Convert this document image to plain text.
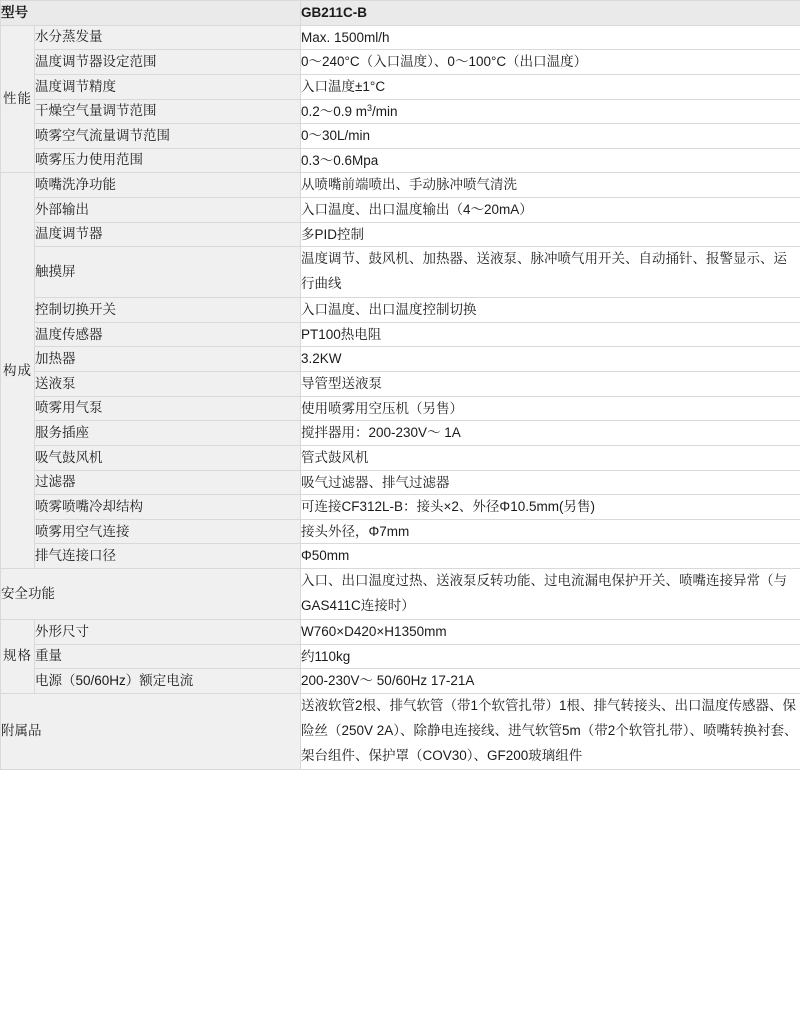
型号		GB211C-B

性能	水分蒸发量	Max. 1500ml/h
	温度调节器设定范围	0～240°C（入口温度）、0～100°C（出口温度）
	温度调节精度	入口温度±1°C
	干燥空气量调节范围	0.2～0.9 $m^3/\min$
	喷雾空气流量调节范围	0～30L/min
	喷雾压力使用范围	0.3～0.6Mpa

构成	喷嘴洗净功能	从喷嘴前端喷出、手动脉冲喷气清洗
	外部输出	入口温度、出口温度输出（4～20mA）
	温度调节器	多PID控制
	触摸屏	温度调节、鼓风机、加热器、送液泵、脉冲喷气用开关、自动捅针、报警显示、运行曲线
	控制切换开关	入口温度、出口温度控制切换
	温度传感器	PT100热电阻
	加热器	3.2KW
	送液泵	导管型送液泵
	喷雾用气泵	使用喷雾用空压机（另售）
	服务插座	搅拌器用：200-230V～ 1A
	吸气鼓风机	管式鼓风机
	过滤器	吸气过滤器、排气过滤器
	喷雾喷嘴冷却结构	可连接CF312L-B：接头×2、外径Φ10.5mm(另售)
	喷雾用空气连接	接头外径，Φ7mm
	排气连接口径	Φ50mm
安全功能		入口、出口温度过热、送液泵反转功能、过电流漏电保护开关、喷嘴连接异常（与GAS411C连接时）

规格	外形尺寸	W760×D420×H1350mm
	重量	约110kg
	电源（50/60Hz）额定电流	200-230V～ 50/60Hz 17-21A
附属品		送液软管2根、排气软管（带1个软管扎带）1根、排气转接头、出口温度传感器、保险丝（250V 2A）、除静电连接线、进气软管5m（带2个软管扎带）、喷嘴转换衬套、架台组件、保护罩（COV30）、GF200玻璃组件
